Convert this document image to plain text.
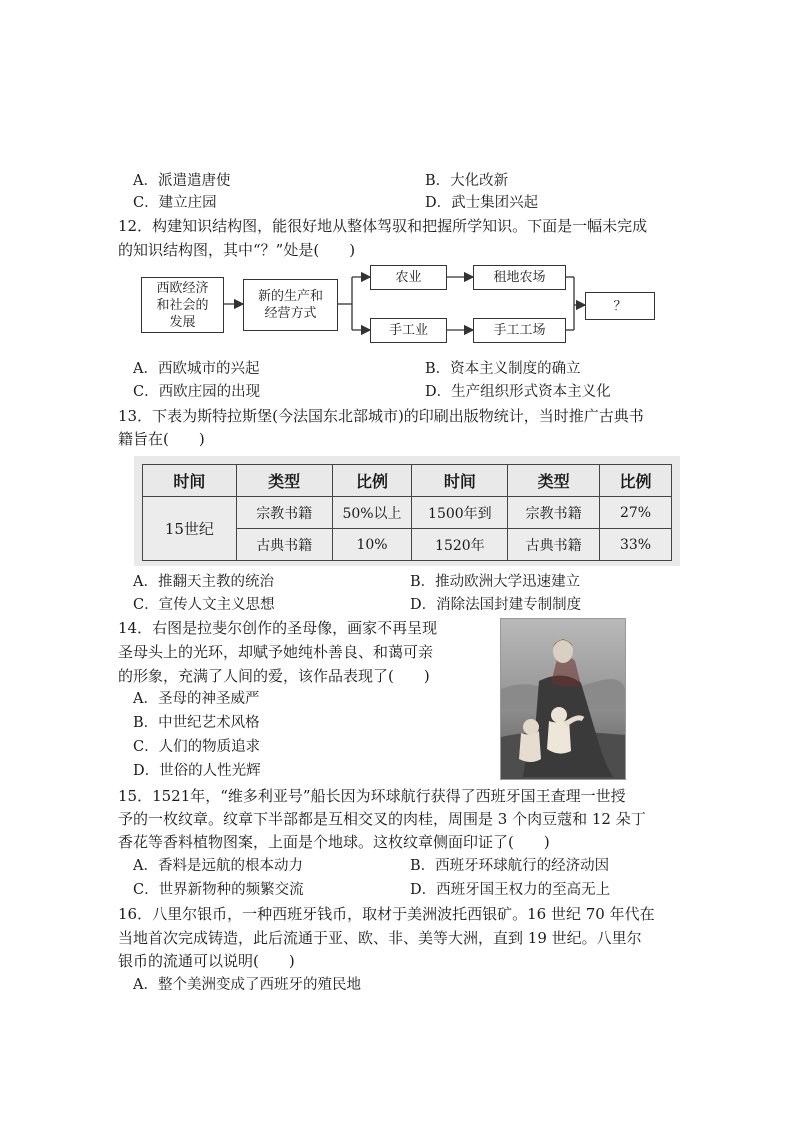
A．派遣遣唐使	B．大化改新
C．建立庄园	D．武士集团兴起
12．构建知识结构图，能很好地从整体驾驭和把握所学知识。下面是一幅未完成
的知识结构图，其中“？”处是(　　)
西欧经济
和社会的
发展
新的生产和
经营方式
农业	租地农场
手工业	手工工场
？
A．西欧城市的兴起	B．资本主义制度的确立
C．西欧庄园的出现	D．生产组织形式资本主义化
13．下表为斯特拉斯堡(今法国东北部城市)的印刷出版物统计，当时推广古典书
籍旨在(　　)
时间	类型	比例	时间	类型	比例
15世纪	宗教书籍	50%以上	1500年到	宗教书籍	27%
	古典书籍	10%	1520年	古典书籍	33%
A．推翻天主教的统治	B．推动欧洲大学迅速建立
C．宣传人文主义思想	D．消除法国封建专制制度
14．右图是拉斐尔创作的圣母像，画家不再呈现
圣母头上的光环，却赋予她纯朴善良、和蔼可亲
的形象，充满了人间的爱，该作品表现了(　　)
A．圣母的神圣威严
B．中世纪艺术风格
C．人们的物质追求
D．世俗的人性光辉
15．1521年，“维多利亚号”船长因为环球航行获得了西班牙国王查理一世授
予的一枚纹章。纹章下半部都是互相交叉的肉桂，周围是 3 个肉豆蔻和 12 朵丁
香花等香料植物图案，上面是个地球。这枚纹章侧面印证了(　　)
A．香料是远航的根本动力	B．西班牙环球航行的经济动因
C．世界新物种的频繁交流	D．西班牙国王权力的至高无上
16．八里尔银币，一种西班牙钱币，取材于美洲波托西银矿。16 世纪 70 年代在
当地首次完成铸造，此后流通于亚、欧、非、美等大洲，直到 19 世纪。八里尔
银币的流通可以说明(　　)
A．整个美洲变成了西班牙的殖民地
